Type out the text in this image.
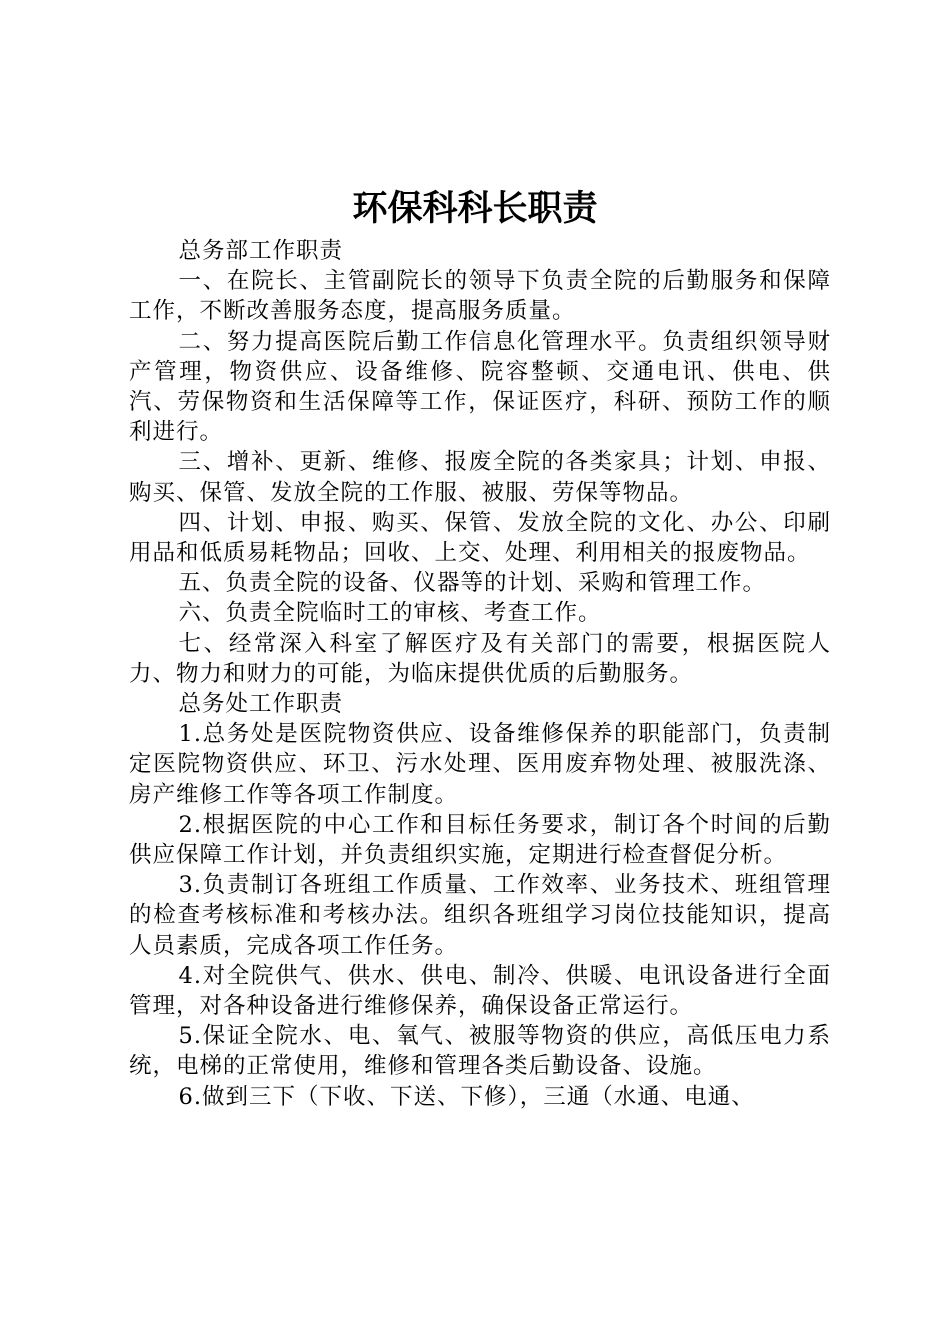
环保科科长职责

总务部工作职责

一、在院长、主管副院长的领导下负责全院的后勤服务和保障工作，不断改善服务态度，提高服务质量。

二、努力提高医院后勤工作信息化管理水平。负责组织领导财产管理，物资供应、设备维修、院容整顿、交通电讯、供电、供汽、劳保物资和生活保障等工作，保证医疗，科研、预防工作的顺利进行。

三、增补、更新、维修、报废全院的各类家具；计划、申报、购买、保管、发放全院的工作服、被服、劳保等物品。

四、计划、申报、购买、保管、发放全院的文化、办公、印刷用品和低质易耗物品；回收、上交、处理、利用相关的报废物品。

五、负责全院的设备、仪器等的计划、采购和管理工作。

六、负责全院临时工的审核、考查工作。

七、经常深入科室了解医疗及有关部门的需要，根据医院人力、物力和财力的可能，为临床提供优质的后勤服务。

总务处工作职责

1.总务处是医院物资供应、设备维修保养的职能部门，负责制定医院物资供应、环卫、污水处理、医用废弃物处理、被服洗涤、房产维修工作等各项工作制度。

2.根据医院的中心工作和目标任务要求，制订各个时间的后勤供应保障工作计划，并负责组织实施，定期进行检查督促分析。

3.负责制订各班组工作质量、工作效率、业务技术、班组管理的检查考核标准和考核办法。组织各班组学习岗位技能知识，提高人员素质，完成各项工作任务。

4.对全院供气、供水、供电、制冷、供暖、电讯设备进行全面管理，对各种设备进行维修保养，确保设备正常运行。

5.保证全院水、电、氧气、被服等物资的供应，高低压电力系统，电梯的正常使用，维修和管理各类后勤设备、设施。

6.做到三下（下收、下送、下修），三通（水通、电通、
